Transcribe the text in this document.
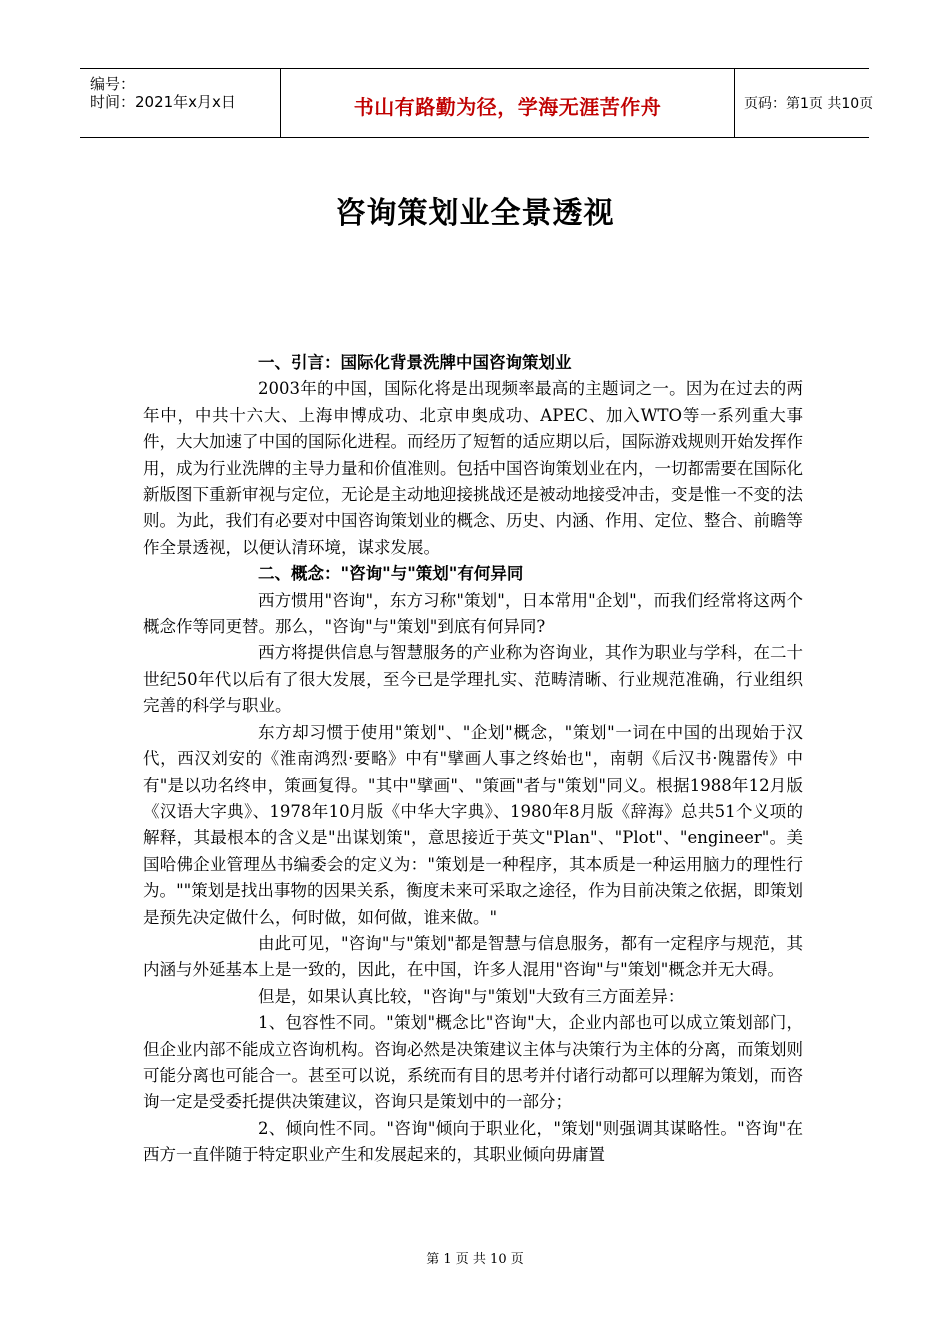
编号：
时间：2021年x月x日	书山有路勤为径，学海无涯苦作舟	页码：第1页 共10页
咨询策划业全景透视

一、引言：国际化背景洗牌中国咨询策划业

2003年的中国，国际化将是出现频率最高的主题词之一。因为在过去的两年中，中共十六大、上海申博成功、北京申奥成功、APEC、加入WTO等一系列重大事件，大大加速了中国的国际化进程。而经历了短暂的适应期以后，国际游戏规则开始发挥作用，成为行业洗牌的主导力量和价值准则。包括中国咨询策划业在内，一切都需要在国际化新版图下重新审视与定位，无论是主动地迎接挑战还是被动地接受冲击，变是惟一不变的法则。为此，我们有必要对中国咨询策划业的概念、历史、内涵、作用、定位、整合、前瞻等作全景透视，以便认清环境，谋求发展。

二、概念："咨询"与"策划"有何异同

西方惯用"咨询"，东方习称"策划"，日本常用"企划"，而我们经常将这两个概念作等同更替。那么，"咨询"与"策划"到底有何异同?

西方将提供信息与智慧服务的产业称为咨询业，其作为职业与学科，在二十世纪50年代以后有了很大发展，至今已是学理扎实、范畴清晰、行业规范准确，行业组织完善的科学与职业。

东方却习惯于使用"策划"、"企划"概念，"策划"一词在中国的出现始于汉代，西汉刘安的《淮南鸿烈·要略》中有"擘画人事之终始也"，南朝《后汉书·隗嚣传》中有"是以功名终申，策画复得。"其中"擘画"、"策画"者与"策划"同义。根据1988年12月版《汉语大字典》、1978年10月版《中华大字典》、1980年8月版《辞海》总共51个义项的解释，其最根本的含义是"出谋划策"，意思接近于英文"Plan"、"Plot"、"engineer"。美国哈佛企业管理丛书编委会的定义为："策划是一种程序，其本质是一种运用脑力的理性行为。""策划是找出事物的因果关系，衡度未来可采取之途径，作为目前决策之依据，即策划是预先决定做什么，何时做，如何做，谁来做。"

由此可见，"咨询"与"策划"都是智慧与信息服务，都有一定程序与规范，其内涵与外延基本上是一致的，因此，在中国，许多人混用"咨询"与"策划"概念并无大碍。

但是，如果认真比较，"咨询"与"策划"大致有三方面差异：

1、包容性不同。"策划"概念比"咨询"大，企业内部也可以成立策划部门，但企业内部不能成立咨询机构。咨询必然是决策建议主体与决策行为主体的分离，而策划则可能分离也可能合一。甚至可以说，系统而有目的思考并付诸行动都可以理解为策划，而咨询一定是受委托提供决策建议，咨询只是策划中的一部分；

2、倾向性不同。"咨询"倾向于职业化，"策划"则强调其谋略性。"咨询"在西方一直伴随于特定职业产生和发展起来的，其职业倾向毋庸置

第 1 页 共 10 页
